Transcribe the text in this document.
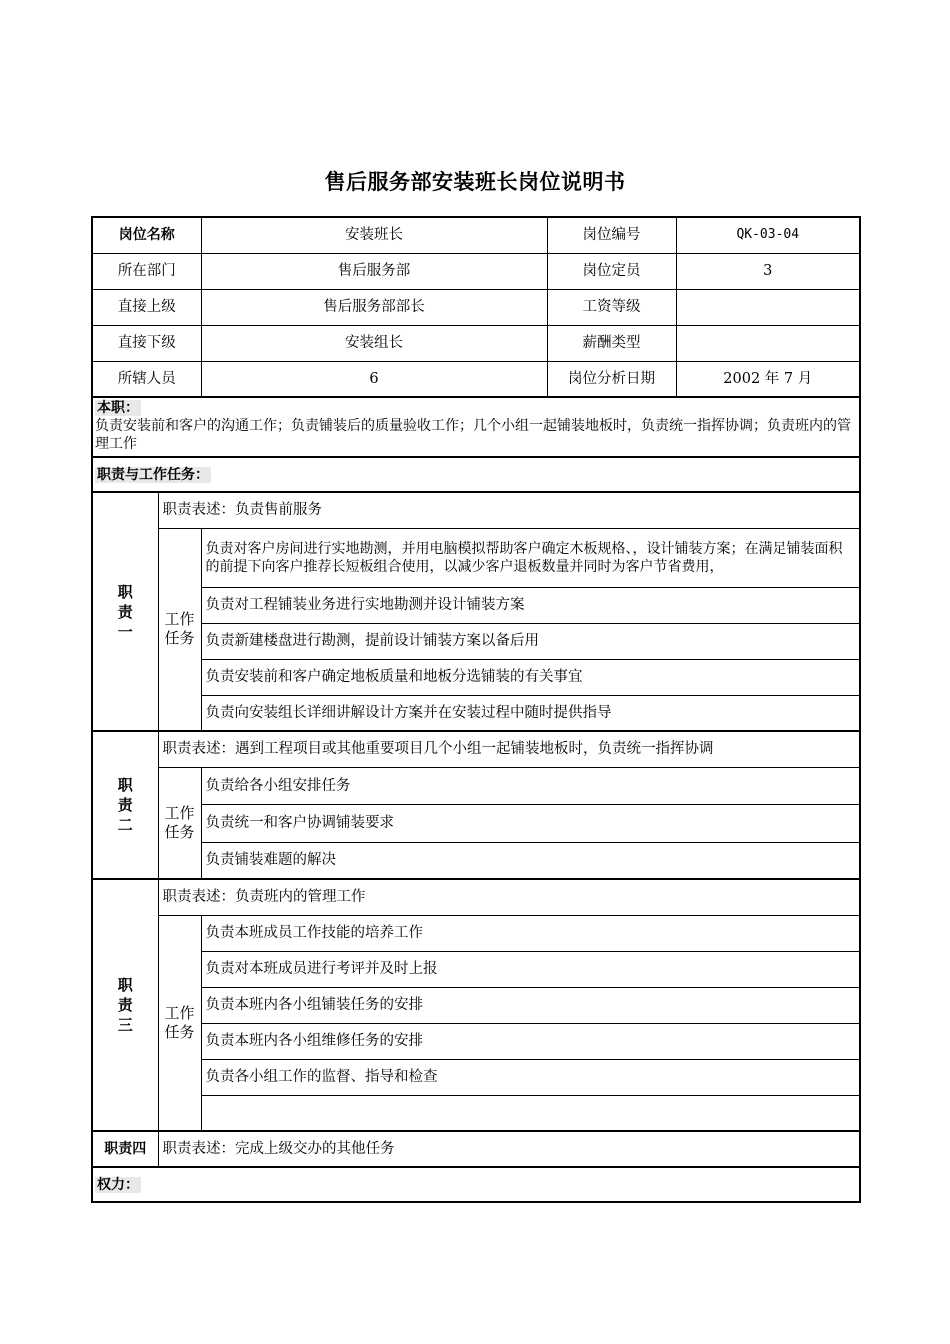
售后服务部安装班长岗位说明书
岗位名称		安装班长	岗位编号	QK-03-04
所在部门		售后服务部	岗位定员	3
直接上级		售后服务部部长	工资等级	
直接下级		安装组长	薪酬类型	
所辖人员		6	岗位分析日期	2002 年 7 月
本职：
负责安装前和客户的沟通工作；负责铺装后的质量验收工作；几个小组一起铺装地板时，负责统一指挥协调；负责班内的管理工作				
职责与工作任务：				
职责一	职责表述：负责售前服务			
	工作任务	负责对客户房间进行实地勘测，并用电脑模拟帮助客户确定木板规格、，设计铺装方案；在满足铺装面积的前提下向客户推荐长短板组合使用，以减少客户退板数量并同时为客户节省费用，		
		负责对工程铺装业务进行实地勘测并设计铺装方案		
		负责新建楼盘进行勘测，提前设计铺装方案以备后用		
		负责安装前和客户确定地板质量和地板分选铺装的有关事宜		
		负责向安装组长详细讲解设计方案并在安装过程中随时提供指导		
职责二	职责表述：遇到工程项目或其他重要项目几个小组一起铺装地板时，负责统一指挥协调			
	工作任务	负责给各小组安排任务		
		负责统一和客户协调铺装要求		
		负责铺装难题的解决		
职责三	职责表述：负责班内的管理工作			
	工作任务	负责本班成员工作技能的培养工作		
		负责对本班成员进行考评并及时上报		
		负责本班内各小组铺装任务的安排		
		负责本班内各小组维修任务的安排		
		负责各小组工作的监督、指导和检查		

职责四	职责表述：完成上级交办的其他任务			
权力：				
